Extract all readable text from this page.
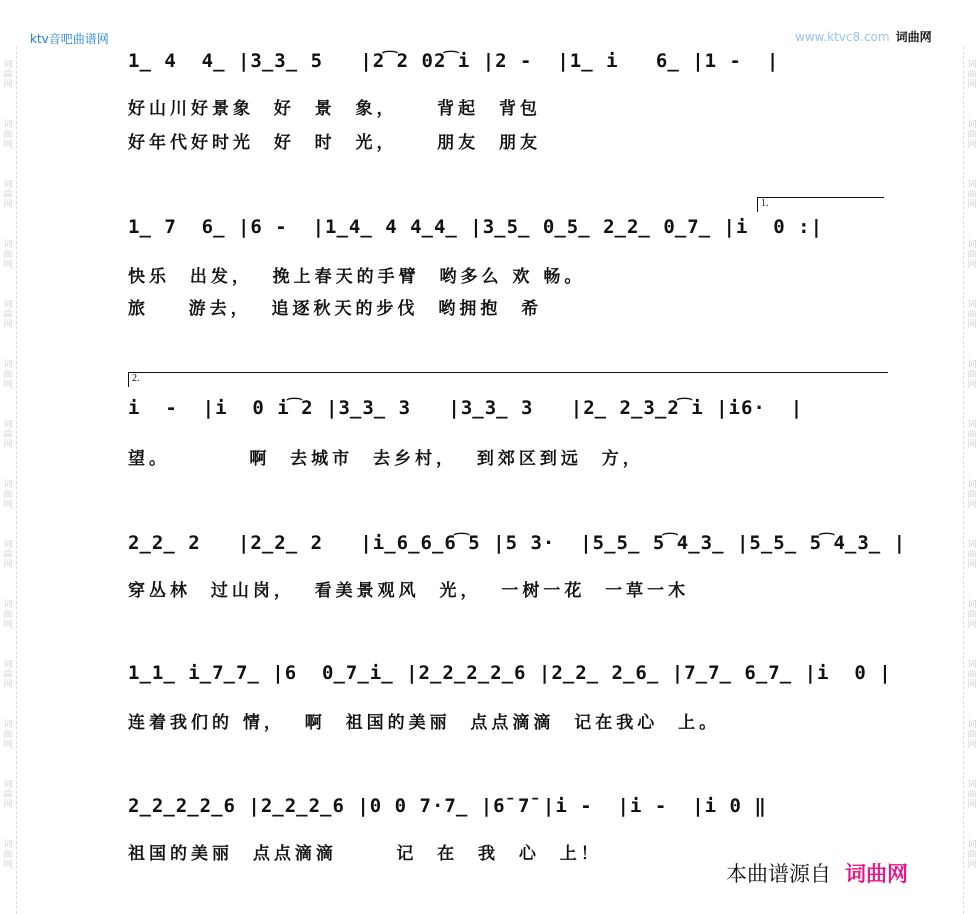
ktv音吧曲谱网	www.ktvc8.com 词曲网
词
曲
网
词
曲
网
词
曲
网
词
曲
网
词
曲
网
词
曲
网
词
曲
网
词
曲
网
词
曲
网
词
曲
网
词
曲
网
词
曲
网
词
曲
网
词
曲
网
词
曲
网
词
曲
网
词
曲
网
词
曲
网
词
曲
网
词
曲
网
词
曲
网
词
曲
网
词
曲
网
词
曲
网
词
曲
网
词
曲
网
词
曲
网
词
曲
网
1̲ 4  4̲ |3̲3̲ 5   |2͡2 02͡i |2 -  |1̲ i   6̲ |1 -  |
好山川好景象  好  景  象，    背起  背包
好年代好时光  好  时  光，    朋友  朋友
1.
1̲ 7  6̲ |6 -  |1̲4̲ 4 4̲4̲ |3̲5̲ 0̲5̲ 2̲2̲ 0̲7̲ |i  0 :|
快乐  出发，  挽上春天的手臂  哟多么 欢 畅。
旅    游去，  追逐秋天的步伐  哟拥抱  希
2.
i  -  |i  0 i͡2 |3̲3̲ 3   |3̲3̲ 3   |2̲ 2̲3̲2͡i |i6·  |
望。        啊  去城市  去乡村，  到郊区到远  方，
2̲2̲ 2   |2̲2̲ 2   |i̲6̲6̲6͡5 |5 3·  |5̲5̲ 5͡4̲3̲ |5̲5̲ 5͡4̲3̲ |
穿丛林  过山岗，  看美景观风  光，  一树一花  一草一木
1̲1̲ i̲7̲7̲ |6  0̲7̲i̲ |2̲2̲2̲2̲6 |2̲2̲ 2̲6̲ |7̲7̲ 6̲7̲ |i  0 |
连着我们的 情，  啊  祖国的美丽  点点滴滴  记在我心  上。
2̲2̲2̲2̲6 |2̲2̲2̲6 |0 0 7·7̲ |6̄ 7̄ |i -  |i -  |i 0 ‖
祖国的美丽  点点滴滴      记  在  我  心  上！
本曲谱源自 词曲网
